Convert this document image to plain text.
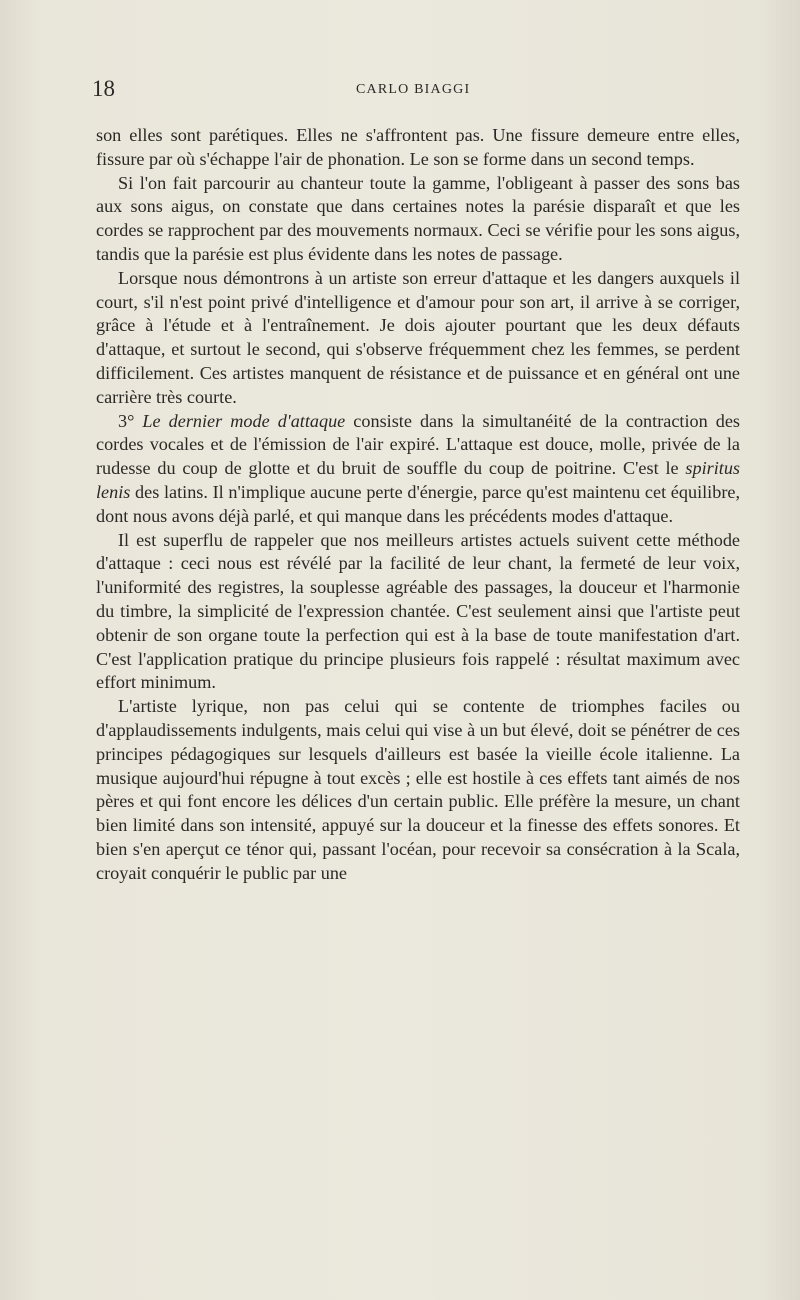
18	CARLO BIAGGI

son elles sont parétiques. Elles ne s'affrontent pas. Une fissure demeure entre elles, fissure par où s'échappe l'air de phonation. Le son se forme dans un second temps.

Si l'on fait parcourir au chanteur toute la gamme, l'obligeant à passer des sons bas aux sons aigus, on constate que dans certaines notes la parésie disparaît et que les cordes se rapprochent par des mouvements normaux. Ceci se vérifie pour les sons aigus, tandis que la parésie est plus évidente dans les notes de passage.

Lorsque nous démontrons à un artiste son erreur d'attaque et les dangers auxquels il court, s'il n'est point privé d'intelligence et d'amour pour son art, il arrive à se corriger, grâce à l'étude et à l'entraînement. Je dois ajouter pourtant que les deux défauts d'attaque, et surtout le second, qui s'observe fréquemment chez les femmes, se perdent difficilement. Ces artistes manquent de résistance et de puissance et en général ont une carrière très courte.

3° Le dernier mode d'attaque consiste dans la simultanéité de la contraction des cordes vocales et de l'émission de l'air expiré. L'attaque est douce, molle, privée de la rudesse du coup de glotte et du bruit de souffle du coup de poitrine. C'est le spiritus lenis des latins. Il n'implique aucune perte d'énergie, parce qu'est maintenu cet équilibre, dont nous avons déjà parlé, et qui manque dans les précédents modes d'attaque.

Il est superflu de rappeler que nos meilleurs artistes actuels suivent cette méthode d'attaque : ceci nous est révélé par la facilité de leur chant, la fermeté de leur voix, l'uniformité des registres, la souplesse agréable des passages, la douceur et l'harmonie du timbre, la simplicité de l'expression chantée. C'est seulement ainsi que l'artiste peut obtenir de son organe toute la perfection qui est à la base de toute manifestation d'art. C'est l'application pratique du principe plusieurs fois rappelé : résultat maximum avec effort minimum.

L'artiste lyrique, non pas celui qui se contente de triomphes faciles ou d'applaudissements indulgents, mais celui qui vise à un but élevé, doit se pénétrer de ces principes pédagogiques sur lesquels d'ailleurs est basée la vieille école italienne. La musique aujourd'hui répugne à tout excès ; elle est hostile à ces effets tant aimés de nos pères et qui font encore les délices d'un certain public. Elle préfère la mesure, un chant bien limité dans son intensité, appuyé sur la douceur et la finesse des effets sonores. Et bien s'en aperçut ce ténor qui, passant l'océan, pour recevoir sa consécration à la Scala, croyait conquérir le public par une
